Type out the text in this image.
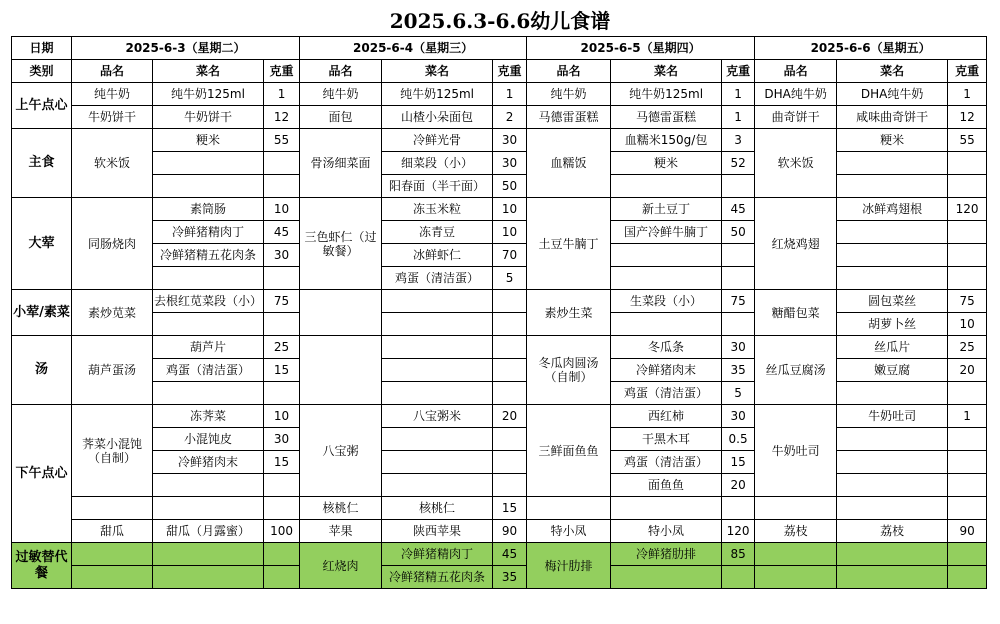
2025.6.3-6.6幼儿食谱
日期	2025-6-3（星期二）			2025-6-4（星期三）			2025-6-5（星期四）			2025-6-6（星期五）		
类别	品名	菜名	克重	品名	菜名	克重	品名	菜名	克重	品名	菜名	克重
上午点心	纯牛奶	纯牛奶125ml	1	纯牛奶	纯牛奶125ml	1	纯牛奶	纯牛奶125ml	1	DHA纯牛奶	DHA纯牛奶	1
	牛奶饼干	牛奶饼干	12	面包	山楂小朵面包	2	马德雷蛋糕	马德雷蛋糕	1	曲奇饼干	咸味曲奇饼干	12
主食	软米饭	粳米	55	骨汤细菜面	冷鲜光骨	30	血糯饭	血糯米150g/包	3	软米饭	粳米	55
					细菜段（小）	30		粳米	52			
					阳春面（半干面）	50						
大荤	同肠烧肉	素筒肠	10	三色虾仁（过敏餐）	冻玉米粒	10	土豆牛腩丁	新土豆丁	45	红烧鸡翅	冰鲜鸡翅根	120
		冷鲜猪精肉丁	45		冻青豆	10		国产冷鲜牛腩丁	50			
		冷鲜猪精五花肉条	30		冰鲜虾仁	70						
					鸡蛋（清洁蛋）	5						
小荤/素菜	素炒苋菜	去根红苋菜段（小）	75				素炒生菜	生菜段（小）	75	糖醋包菜	圆包菜丝	75
											胡萝卜丝	10
汤	葫芦蛋汤	葫芦片	25				冬瓜肉圆汤（自制）	冬瓜条	30	丝瓜豆腐汤	丝瓜片	25
		鸡蛋（清洁蛋）	15					冷鲜猪肉末	35		嫩豆腐	20
								鸡蛋（清洁蛋）	5			
下午点心	荠菜小混饨（自制）	冻荠菜	10	八宝粥	八宝粥米	20	三鲜面鱼鱼	西红柿	30	牛奶吐司	牛奶吐司	1
		小混饨皮	30					干黑木耳	0.5			
		冷鲜猪肉末	15					鸡蛋（清洁蛋）	15			
								面鱼鱼	20			
				核桃仁	核桃仁	15						
	甜瓜	甜瓜（月露蜜）	100	苹果	陕西苹果	90	特小凤	特小凤	120	荔枝	荔枝	90
过敏替代餐				红烧肉	冷鲜猪精肉丁	45	梅汁肋排	冷鲜猪肋排	85			
					冷鲜猪精五花肉条	35						
